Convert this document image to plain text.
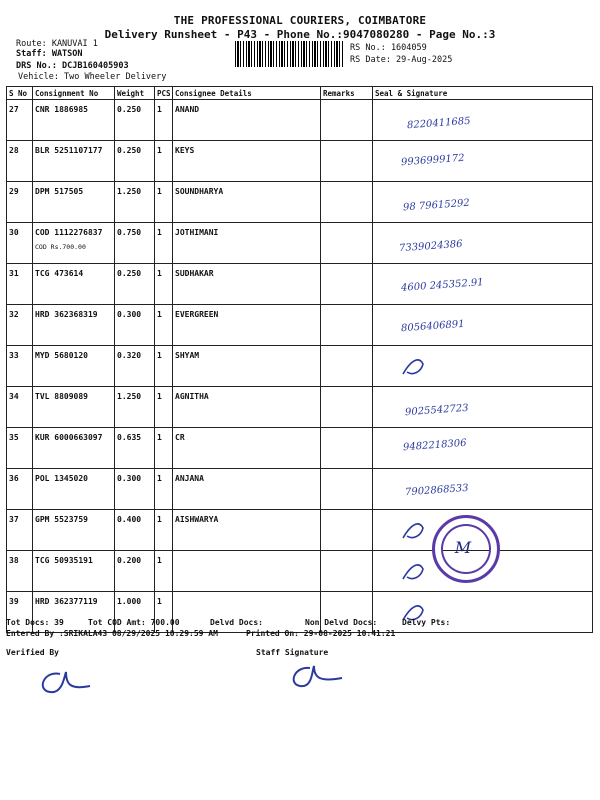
THE PROFESSIONAL COURIERS, COIMBATORE
Delivery Runsheet - P43 - Phone No.:9047080280 - Page No.:3
Route: KANUVAI 1
Staff: WATSON
DRS No.: DCJB160405903
Vehicle: Two Wheeler Delivery
RS No.: 1604059
RS Date: 29-Aug-2025
S No	Consignment No	Weight	PCS	Consignee Details	Remarks	Seal & Signature
27	CNR 1886985	0.250	1	ANAND		8220411685

28	BLR 5251107177	0.250	1	KEYS		9936999172

29	DPM 517505	1.250	1	SOUNDHARYA		98 79615292

30	COD 1112276837
COD Rs.700.00	0.750	1	JOTHIMANI		7339024386

31	TCG 473614	0.250	1	SUDHAKAR		4600 245352.91

32	HRD 362368319	0.300	1	EVERGREEN		8056406891

33	MYD 5680120	0.320	1	SHYAM		

34	TVL 8809089	1.250	1	AGNITHA		9025542723

35	KUR 6000663097	0.635	1	CR		9482218306

36	POL 1345020	0.300	1	ANJANA		7902868533

37	GPM 5523759	0.400	1	AISHWARYA		

38	TCG 50935191	0.200	1			

39	HRD 362377119	1.000	1			
M
Tot Docs: 39	Tot COD Amt: 700.00	Delvd Docs:	Non Delvd Docs:	Delvy Pts:
Entered By :SRIKALA43 08/29/2025 10:29:59 AM	Printed On: 29-08-2025 10:41:21
Verified By	Staff Signature
